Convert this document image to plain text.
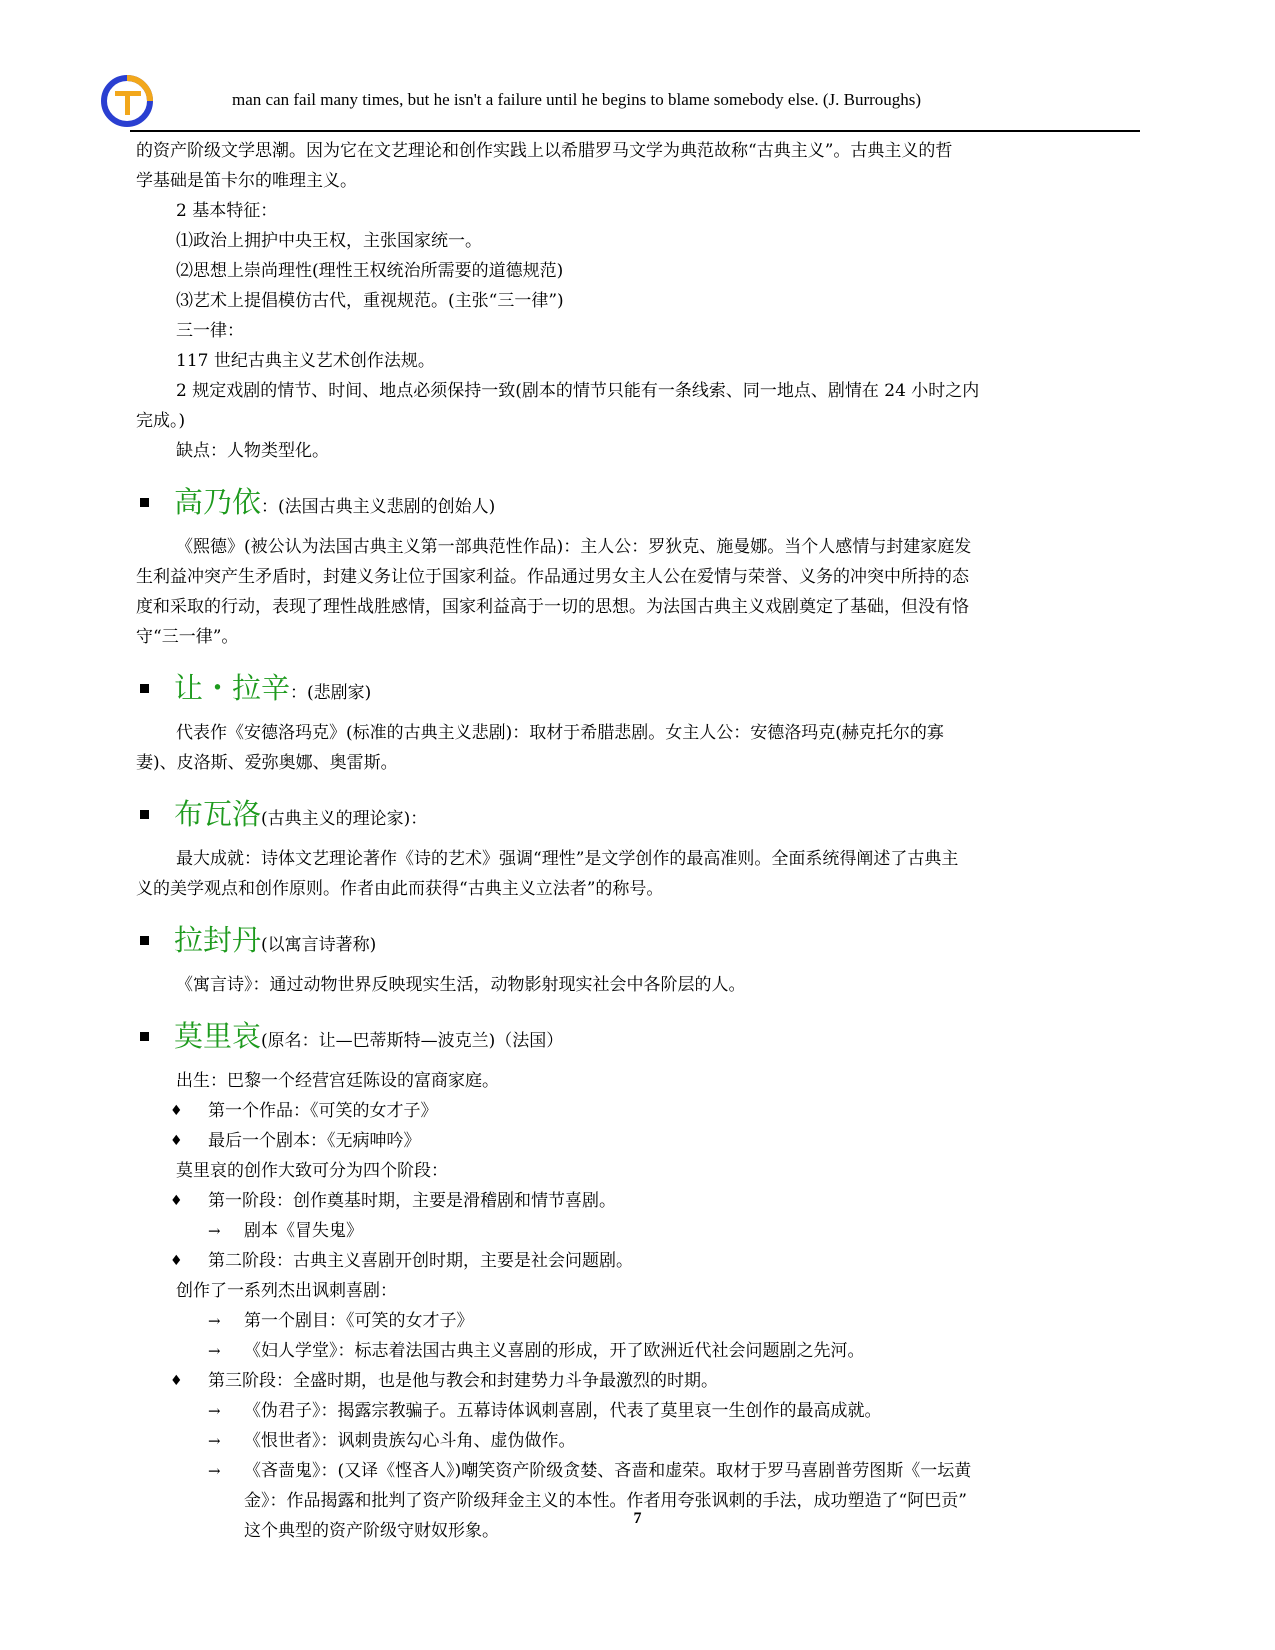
man can fail many times, but he isn't a failure until he begins to blame somebody else. (J. Burroughs)

的资产阶级文学思潮。因为它在文艺理论和创作实践上以希腊罗马文学为典范故称“古典主义”。古典主义的哲

学基础是笛卡尔的唯理主义。

2 基本特征：

⑴政治上拥护中央王权，主张国家统一。

⑵思想上崇尚理性(理性王权统治所需要的道德规范)

⑶艺术上提倡模仿古代，重视规范。(主张“三一律”)

三一律：

117 世纪古典主义艺术创作法规。

2 规定戏剧的情节、时间、地点必须保持一致(剧本的情节只能有一条线索、同一地点、剧情在 24 小时之内

完成。)

缺点：人物类型化。

高乃依：(法国古典主义悲剧的创始人)

《熙德》(被公认为法国古典主义第一部典范性作品)：主人公：罗狄克、施曼娜。当个人感情与封建家庭发

生利益冲突产生矛盾时，封建义务让位于国家利益。作品通过男女主人公在爱情与荣誉、义务的冲突中所持的态

度和采取的行动，表现了理性战胜感情，国家利益高于一切的思想。为法国古典主义戏剧奠定了基础，但没有恪

守“三一律”。

让・拉辛：(悲剧家)

代表作《安德洛玛克》(标准的古典主义悲剧)：取材于希腊悲剧。女主人公：安德洛玛克(赫克托尔的寡

妻)、皮洛斯、爱弥奥娜、奥雷斯。

布瓦洛(古典主义的理论家)：

最大成就：诗体文艺理论著作《诗的艺术》强调“理性”是文学创作的最高准则。全面系统得阐述了古典主

义的美学观点和创作原则。作者由此而获得“古典主义立法者”的称号。

拉封丹(以寓言诗著称)

《寓言诗》：通过动物世界反映现实生活，动物影射现实社会中各阶层的人。

莫里哀(原名：让—巴蒂斯特—波克兰)（法国）

出生：巴黎一个经营宫廷陈设的富商家庭。

♦ 第一个作品：《可笑的女才子》
♦ 最后一个剧本：《无病呻吟》

莫里哀的创作大致可分为四个阶段：

♦ 第一阶段：创作奠基时期，主要是滑稽剧和情节喜剧。
→ 剧本《冒失鬼》
♦ 第二阶段：古典主义喜剧开创时期，主要是社会问题剧。

创作了一系列杰出讽刺喜剧：

→ 第一个剧目：《可笑的女才子》
→ 《妇人学堂》：标志着法国古典主义喜剧的形成，开了欧洲近代社会问题剧之先河。
♦ 第三阶段：全盛时期，也是他与教会和封建势力斗争最激烈的时期。
→ 《伪君子》：揭露宗教骗子。五幕诗体讽刺喜剧，代表了莫里哀一生创作的最高成就。
→ 《恨世者》：讽刺贵族勾心斗角、虚伪做作。
→ 《吝啬鬼》：(又译《悭吝人》)嘲笑资产阶级贪婪、吝啬和虚荣。取材于罗马喜剧普劳图斯《一坛黄

金》：作品揭露和批判了资产阶级拜金主义的本性。作者用夸张讽刺的手法，成功塑造了“阿巴贡”

这个典型的资产阶级守财奴形象。

7
